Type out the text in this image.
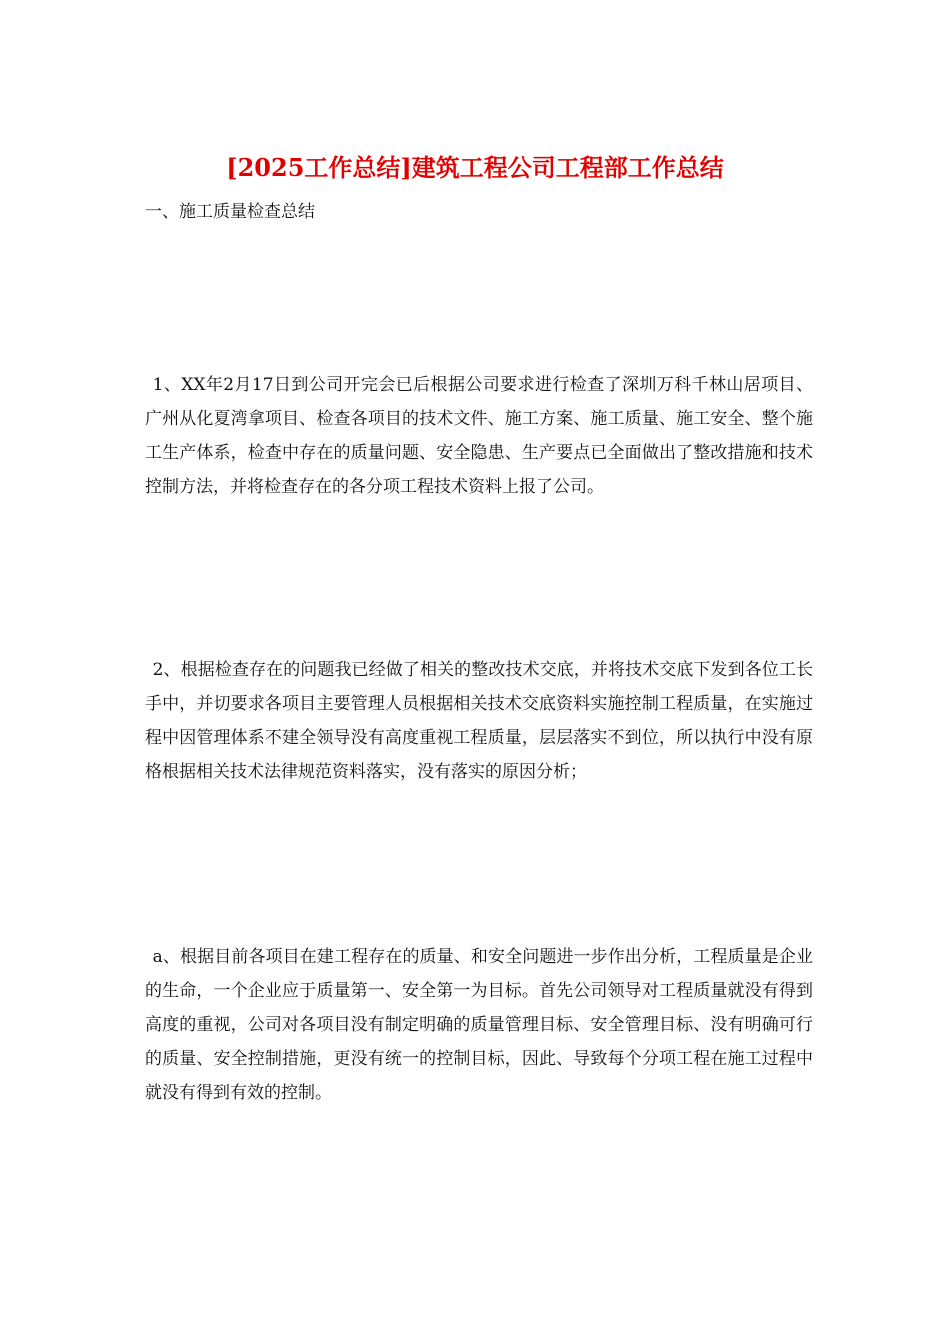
[2025工作总结]建筑工程公司工程部工作总结
一、施工质量检查总结

1、XX年2月17日到公司开完会已后根据公司要求进行检查了深圳万科千林山居项目、广州从化夏湾拿项目、检查各项目的技术文件、施工方案、施工质量、施工安全、整个施工生产体系，检查中存在的质量问题、安全隐患、生产要点已全面做出了整改措施和技术控制方法，并将检查存在的各分项工程技术资料上报了公司。

2、根据检查存在的问题我已经做了相关的整改技术交底，并将技术交底下发到各位工长手中，并切要求各项目主要管理人员根据相关技术交底资料实施控制工程质量，在实施过程中因管理体系不建全领导没有高度重视工程质量，层层落实不到位，所以执行中没有原格根据相关技术法律规范资料落实，没有落实的原因分析；

a、根据目前各项目在建工程存在的质量、和安全问题进一步作出分析，工程质量是企业的生命，一个企业应于质量第一、安全第一为目标。首先公司领导对工程质量就没有得到高度的重视，公司对各项目没有制定明确的质量管理目标、安全管理目标、没有明确可行的质量、安全控制措施，更没有统一的控制目标，因此、导致每个分项工程在施工过程中就没有得到有效的控制。
